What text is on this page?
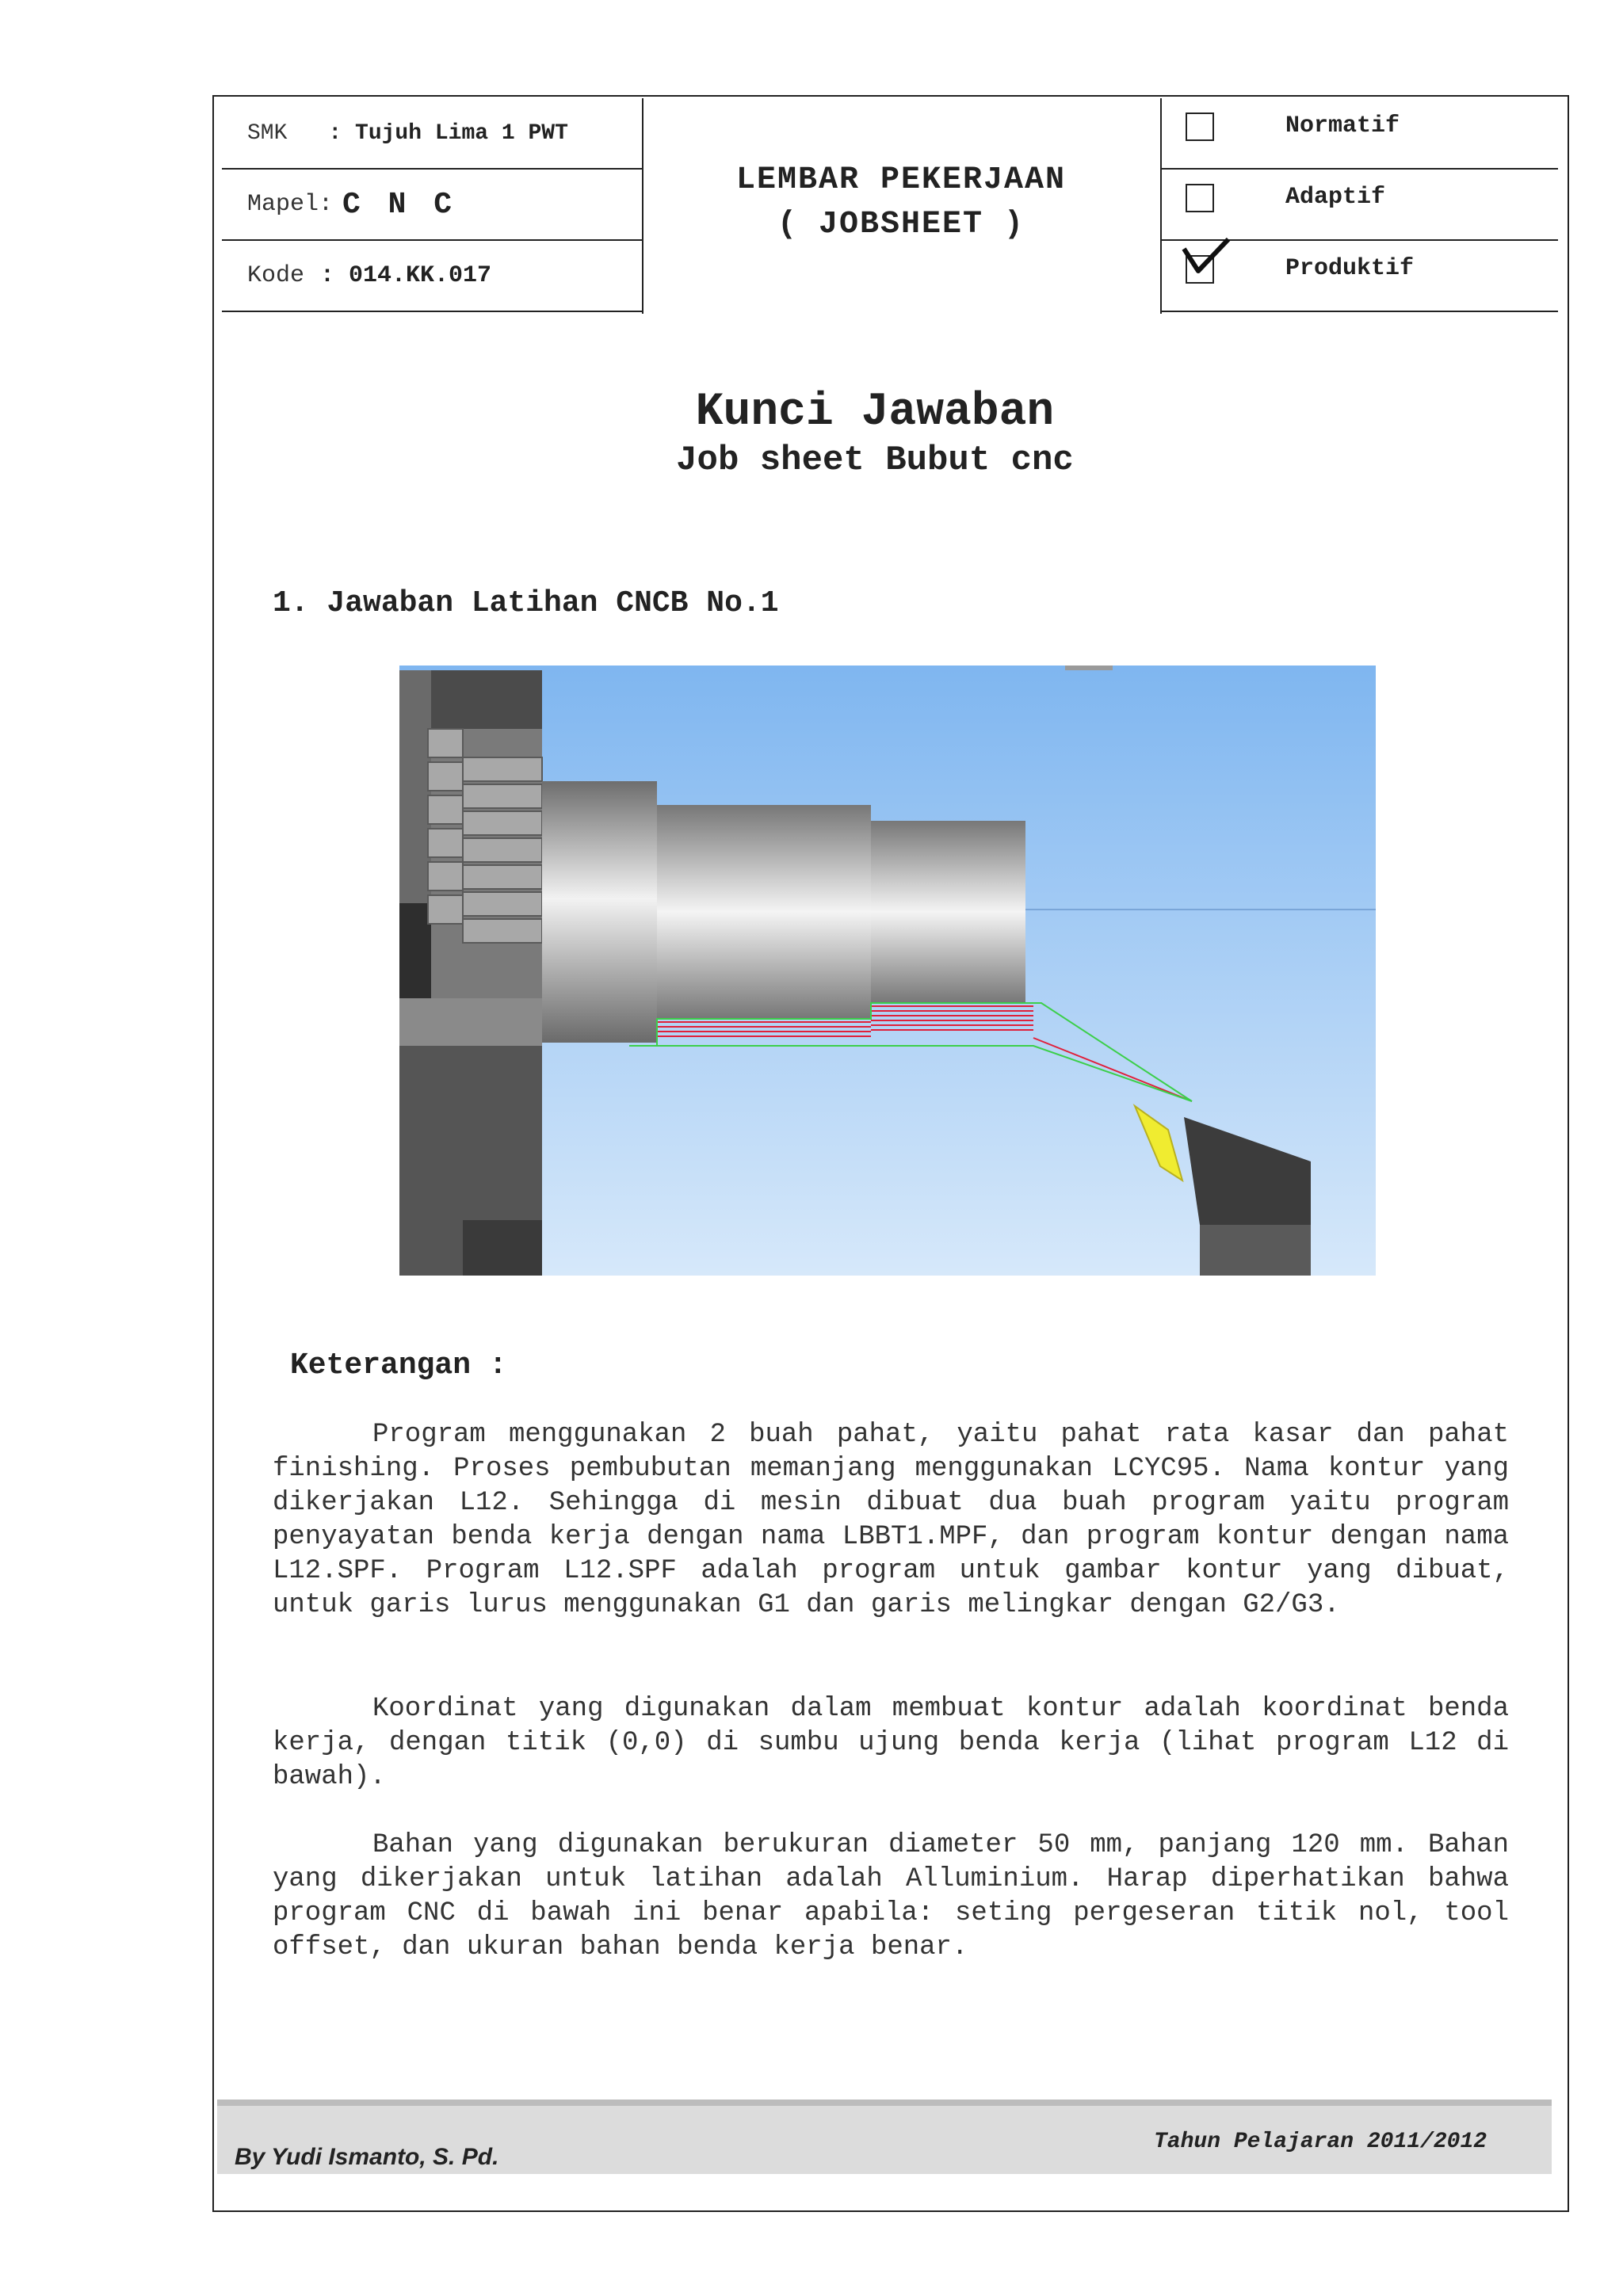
SMK : Tujuh Lima 1 PWT
Mapel: C N C
Kode : 014.KK.017
LEMBAR PEKERJAAN
( JOBSHEET )
Normatif
Adaptif
Produktif
Kunci Jawaban
Job sheet Bubut cnc
1. Jawaban Latihan CNCB No.1
Keterangan :
Program menggunakan 2 buah pahat, yaitu pahat rata kasar dan pahat finishing. Proses pembubutan memanjang menggunakan LCYC95. Nama kontur yang dikerjakan L12. Sehingga di mesin dibuat dua buah program yaitu program penyayatan benda kerja dengan nama LBBT1.MPF, dan program kontur dengan nama L12.SPF. Program L12.SPF adalah program untuk gambar kontur yang dibuat, untuk garis lurus menggunakan G1 dan garis melingkar dengan G2/G3.
Koordinat yang digunakan dalam membuat kontur adalah koordinat benda kerja, dengan titik (0,0) di sumbu ujung benda kerja (lihat program L12 di bawah).
Bahan yang digunakan berukuran diameter 50 mm, panjang 120 mm. Bahan yang dikerjakan untuk latihan adalah Alluminium. Harap diperhatikan bahwa program CNC di bawah ini benar apabila: seting pergeseran titik nol, tool offset, dan ukuran bahan benda kerja benar.
By Yudi Ismanto, S. Pd.
Tahun Pelajaran 2011/2012
